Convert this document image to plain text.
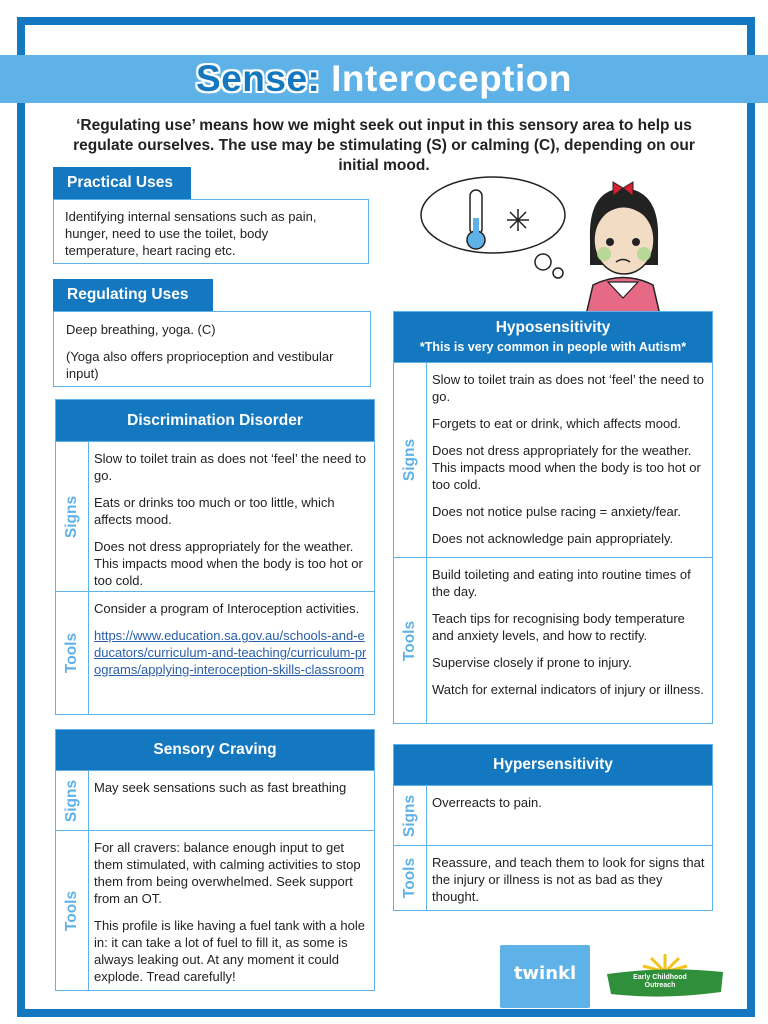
Sense: Interoception
‘Regulating use’ means how we might seek out input in this sensory area to help us regulate ourselves. The use may be stimulating (S) or calming (C), depending on our initial mood.
Practical Uses
Identifying internal sensations such as pain, hunger, need to use the toilet, body temperature, heart racing etc.
Regulating Uses

Deep breathing, yoga. (C)

(Yoga also offers proprioception and vestibular input)

Discrimination Disorder
Signs

Slow to toilet train as does not ‘feel’ the need to go.

Eats or drinks too much or too little, which affects mood.

Does not dress appropriately for the weather. This impacts mood when the body is too hot or too cold.

Tools

Consider a program of Interoception activities.

https://www.education.sa.gov.au/schools-and-educators/curriculum-and-teaching/curriculum-programs/applying-interoception-skills-classroom

Sensory Craving
Signs May seek sensations such as fast breathing

Tools

For all cravers: balance enough input to get them stimulated, with calming activities to stop them from being overwhelmed. Seek support from an OT.

This profile is like having a fuel tank with a hole in: it can take a lot of fuel to fill it, as some is always leaking out. At any moment it could explode. Tread carefully!

Hyposensitivity
*This is very common in people with Autism*
Signs

Slow to toilet train as does not ‘feel’ the need to go.

Forgets to eat or drink, which affects mood.

Does not dress appropriately for the weather. This impacts mood when the body is too hot or too cold.

Does not notice pulse racing = anxiety/fear.

Does not acknowledge pain appropriately.

Tools

Build toileting and eating into routine times of the day.

Teach tips for recognising body temperature and anxiety levels, and how to rectify.

Supervise closely if prone to injury.

Watch for external indicators of injury or illness.

Hypersensitivity
Signs Overreacts to pain.

Tools Reassure, and teach them to look for signs that the injury or illness is not as bad as they thought.

twinkl	Early Childhood Outreach
